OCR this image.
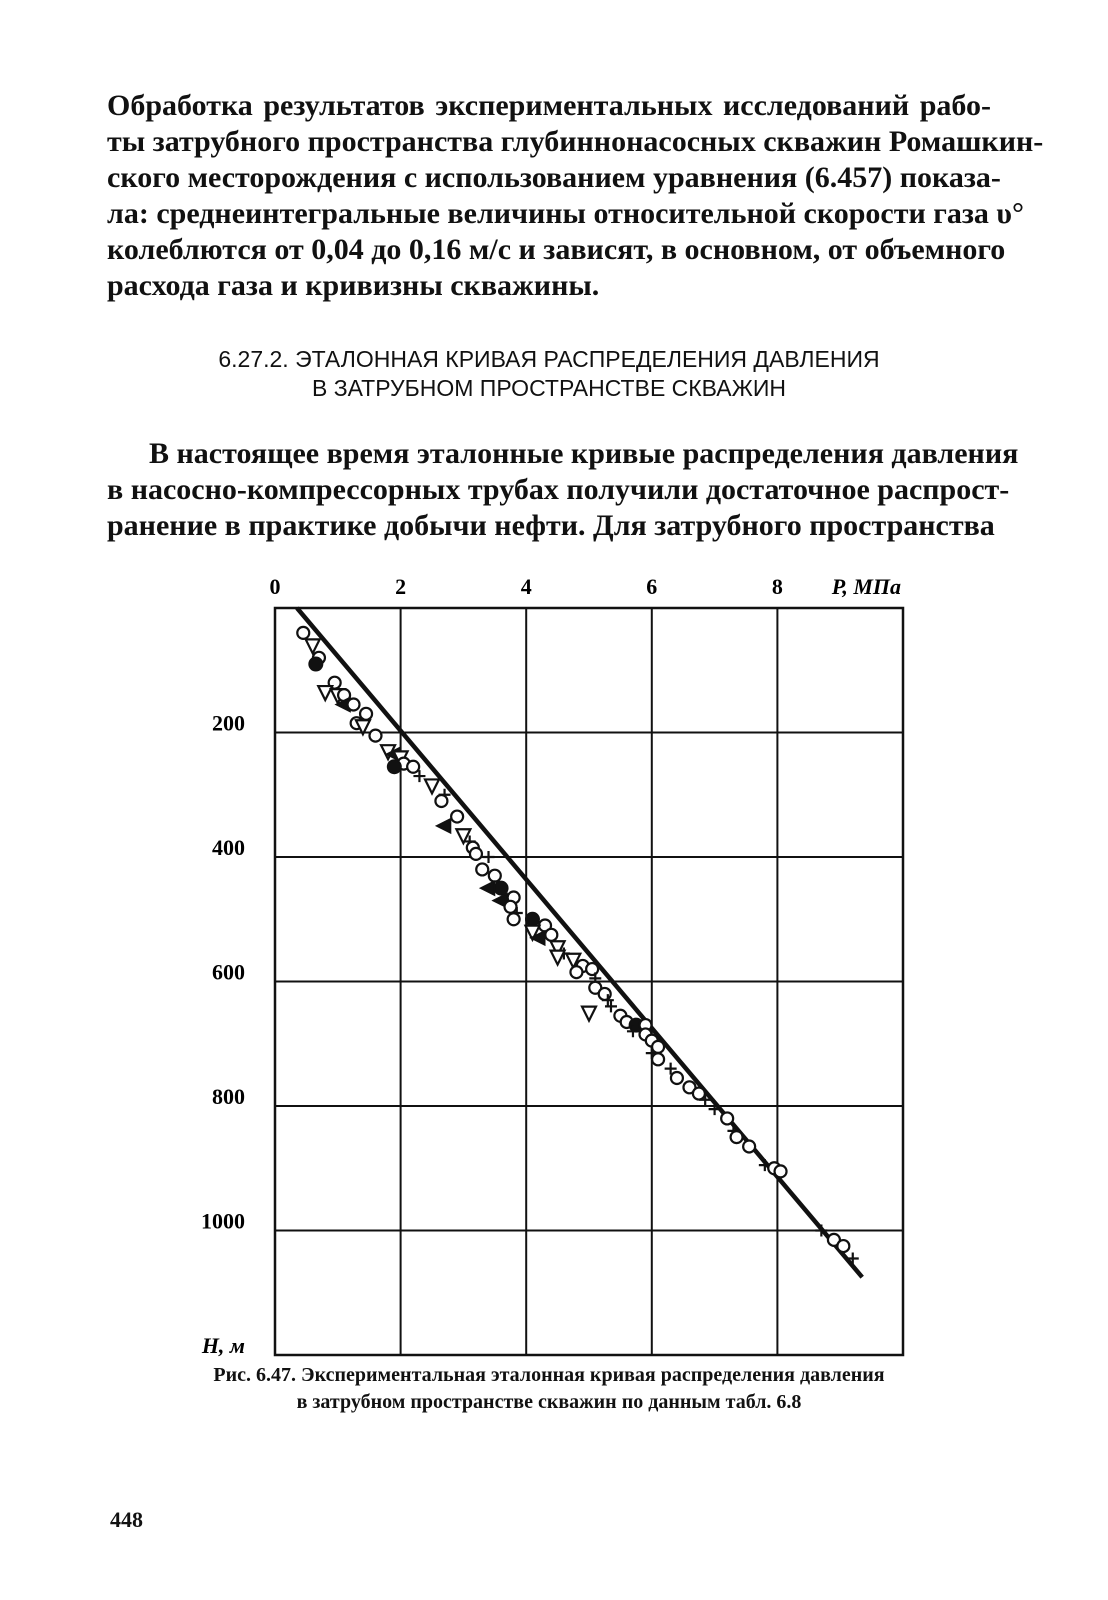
Обработка результатов экспериментальных исследований рабо-
ты затрубного пространства глубиннонасосных скважин Ромашкин-
ского месторождения с использованием уравнения (6.457) показа-
ла: среднеинтегральные величины относительной скорости газа υ°
колеблются от 0,04 до 0,16 м/с и зависят, в основном, от объемного
расхода газа и кривизны скважины.
6.27.2. ЭТАЛОННАЯ КРИВАЯ РАСПРЕДЕЛЕНИЯ ДАВЛЕНИЯ
В ЗАТРУБНОМ ПРОСТРАНСТВЕ СКВАЖИН
В настоящее время эталонные кривые распределения давления
в насосно-компрессорных трубах получили достаточное распрост-
ранение в практике добычи нефти. Для затрубного пространства
0	2	4	6	8
200
400
600
800
1000
P, МПа
H, м
Рис. 6.47. Экспериментальная эталонная кривая распределения давления
в затрубном пространстве скважин по данным табл. 6.8
448
